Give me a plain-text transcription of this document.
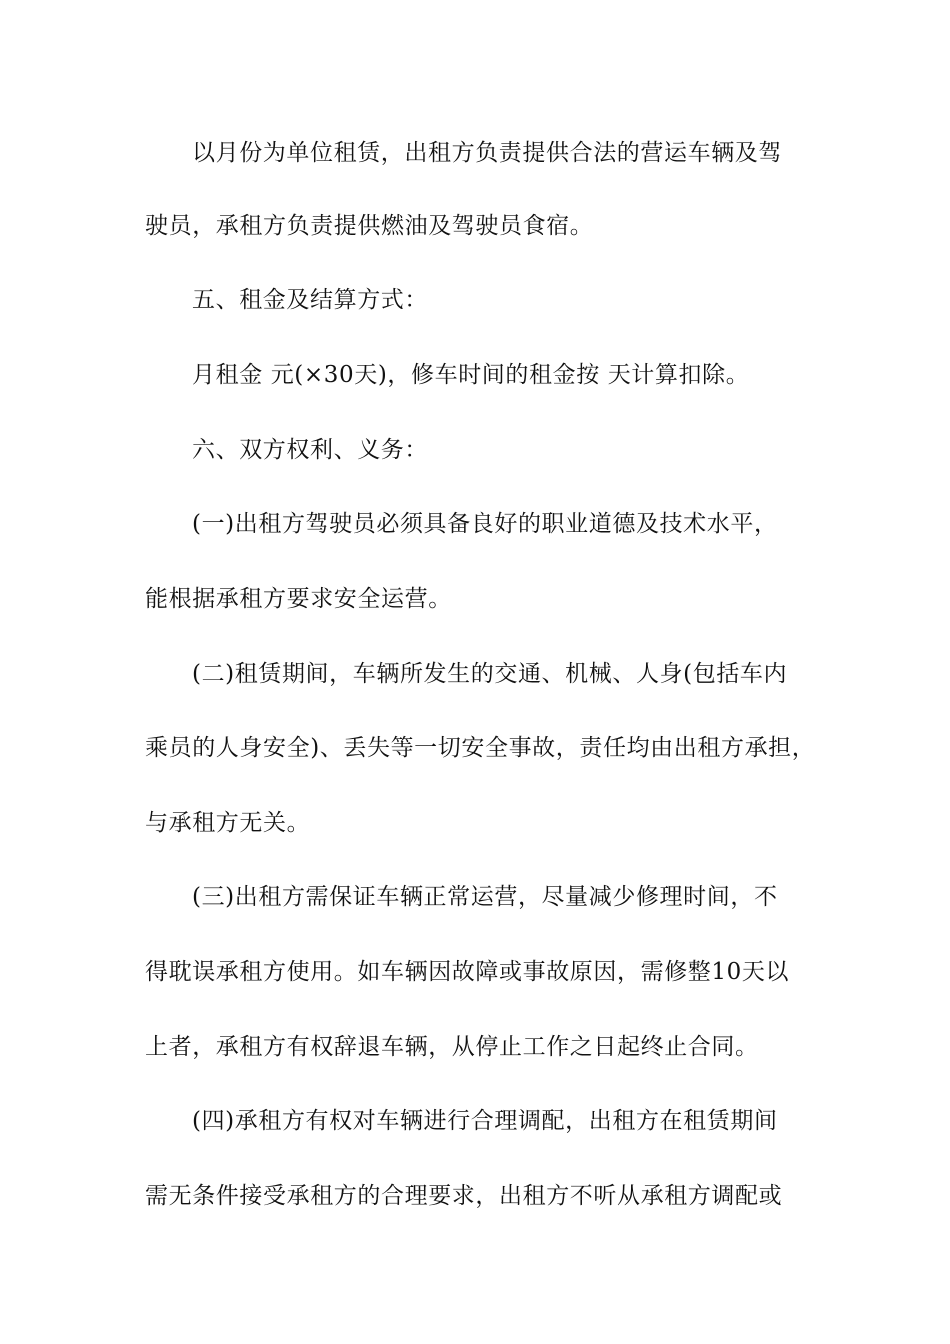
以月份为单位租赁，出租方负责提供合法的营运车辆及驾
驶员，承租方负责提供燃油及驾驶员食宿。
五、租金及结算方式：
月租金 元(×30天)，修车时间的租金按 天计算扣除。
六、双方权利、义务：
(一)出租方驾驶员必须具备良好的职业道德及技术水平，
能根据承租方要求安全运营。
(二)租赁期间，车辆所发生的交通、机械、人身(包括车内
乘员的人身安全)、丢失等一切安全事故，责任均由出租方承担，
与承租方无关。
(三)出租方需保证车辆正常运营，尽量减少修理时间，不
得耽误承租方使用。如车辆因故障或事故原因，需修整10天以
上者，承租方有权辞退车辆，从停止工作之日起终止合同。
(四)承租方有权对车辆进行合理调配，出租方在租赁期间
需无条件接受承租方的合理要求，出租方不听从承租方调配或
